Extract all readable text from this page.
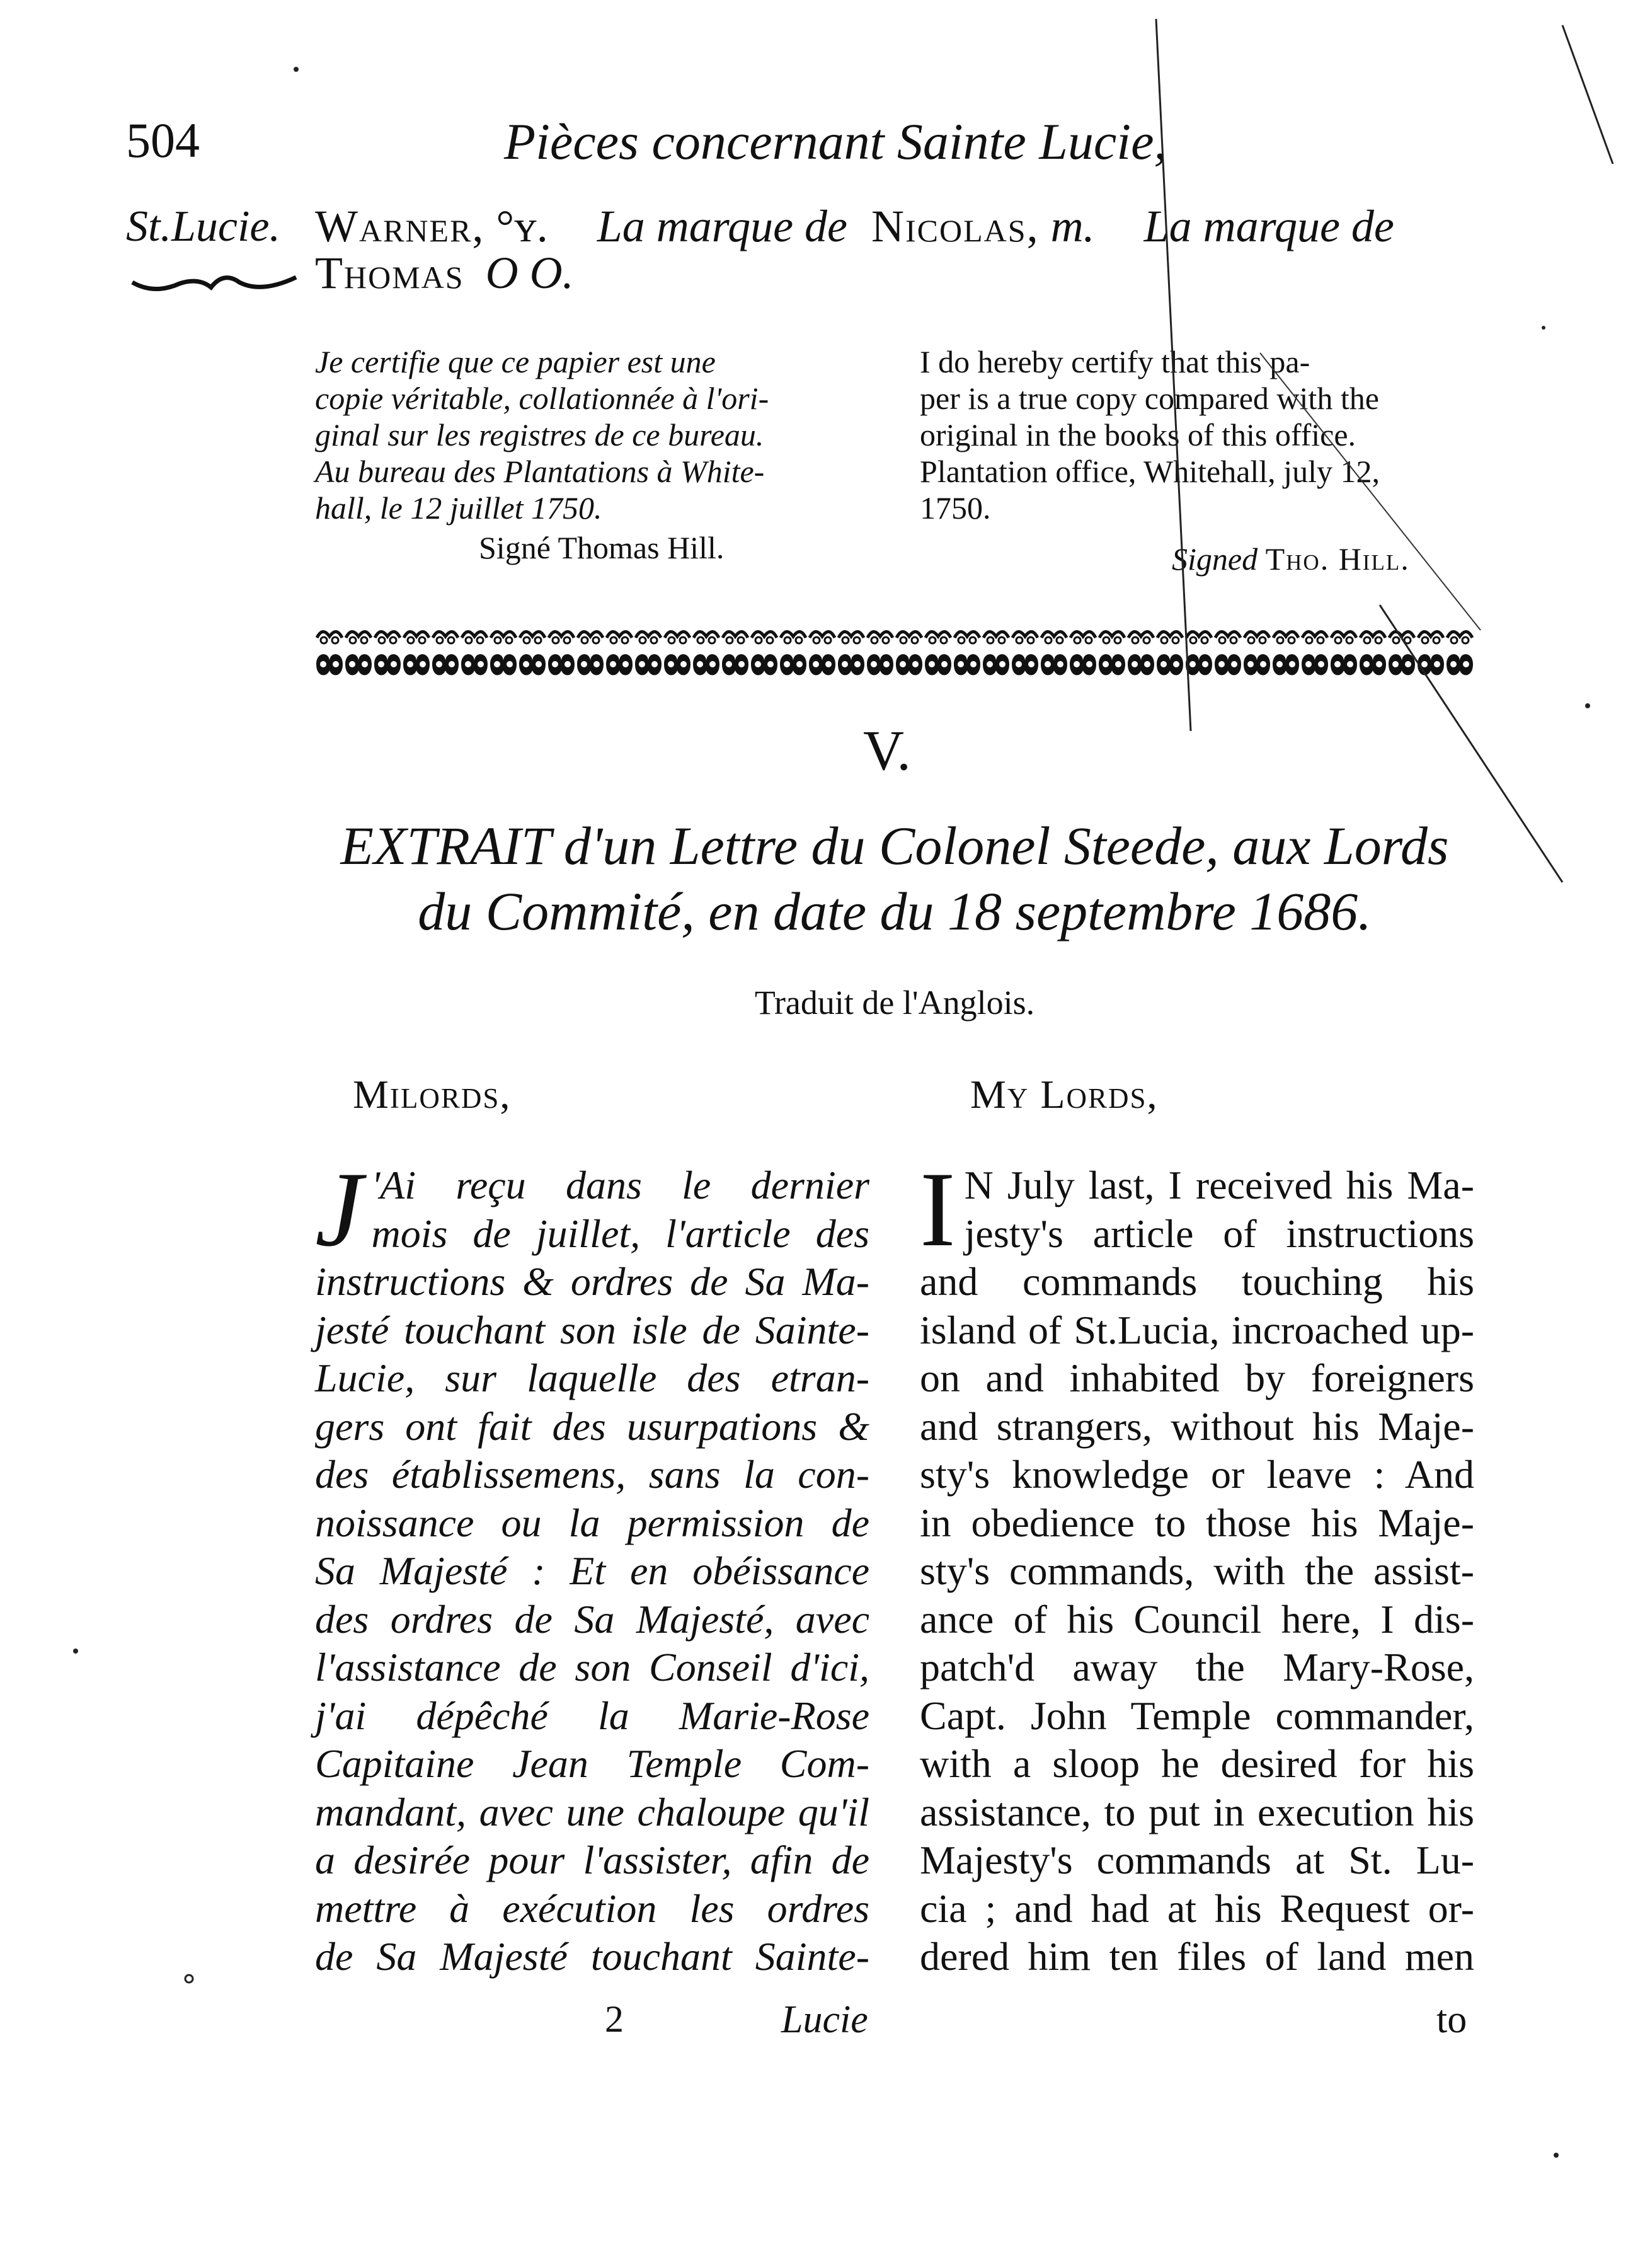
504	Pièces concernant Sainte Lucie,
St.Lucie. Warner, °ʏ. La marque de Nicolas, m. La marque de
Thomas O O.
Je certifie que ce papier est une
copie véritable, collationnée à l'ori-
ginal sur les registres de ce bureau.
Au bureau des Plantations à White-
hall, le 12 juillet 1750.
Signé Thomas Hill.
I do hereby certify that this pa-
per is a true copy compared with the
original in the books of this office.
Plantation office, Whitehall, july 12,
1750.
Signed Tho. Hill.
V.
EXTRAIT d'un Lettre du Colonel Steede, aux Lords
du Commité, en date du 18 septembre 1686.
Traduit de l'Anglois.
Milords,	My Lords,
J 'Ai reçu dans le dernier
mois de juillet, l'article des
instructions & ordres de Sa Ma-
jesté touchant son isle de Sainte-
Lucie, sur laquelle des etran-
gers ont fait des usurpations &
des établissemens, sans la con-
noissance ou la permission de
Sa Majesté : Et en obéissance
des ordres de Sa Majesté, avec
l'assistance de son Conseil d'ici,
j'ai dépêché la Marie-Rose
Capitaine Jean Temple Com-
mandant, avec une chaloupe qu'il
a desirée pour l'assister, afin de
mettre à exécution les ordres
de Sa Majesté touchant Sainte-
I N July last, I received his Ma-
jesty's article of instructions
and commands touching his
island of St.Lucia, incroached up-
on and inhabited by foreigners
and strangers, without his Maje-
sty's knowledge or leave : And
in obedience to those his Maje-
sty's commands, with the assist-
ance of his Council here, I dis-
patch'd away the Mary-Rose,
Capt. John Temple commander,
with a sloop he desired for his
assistance, to put in execution his
Majesty's commands at St. Lu-
cia ; and had at his Request or-
dered him ten files of land men
2	Lucie	to
